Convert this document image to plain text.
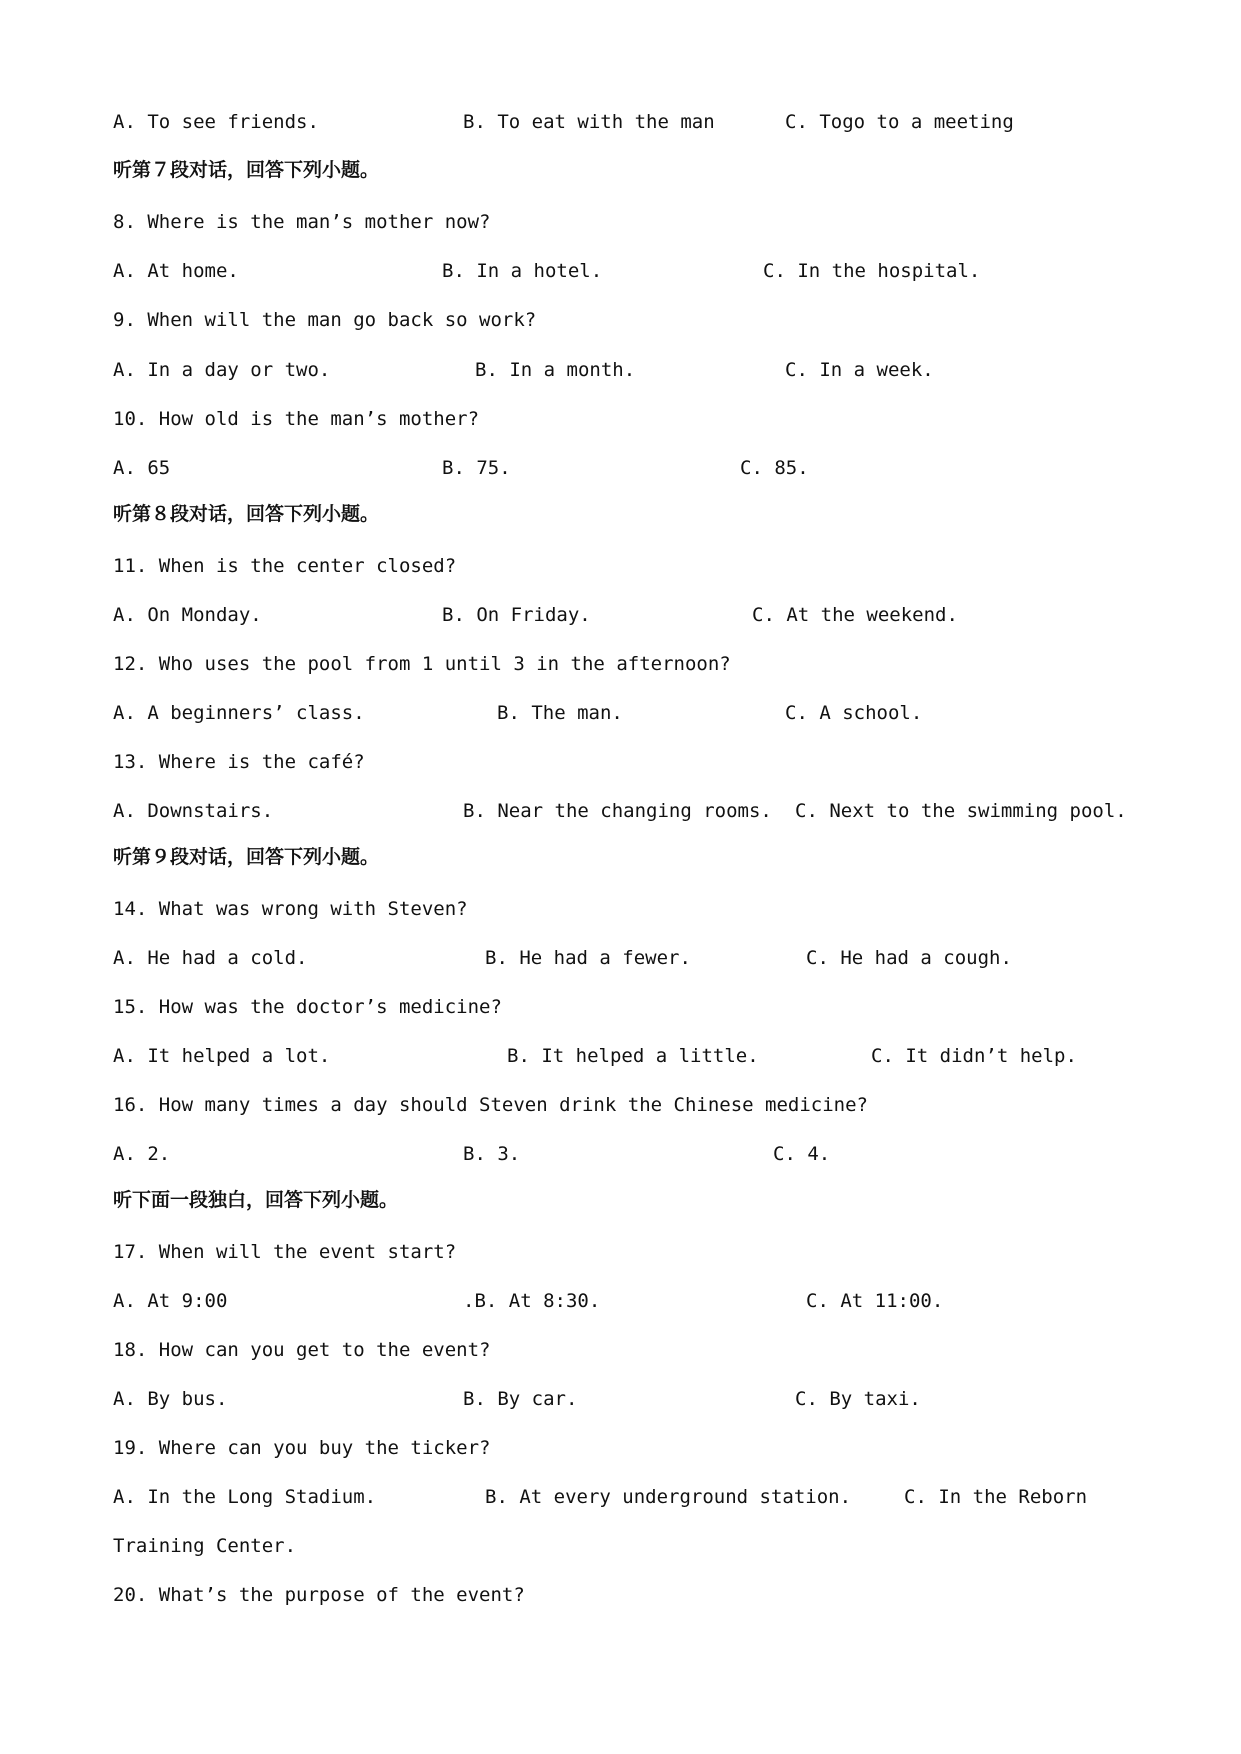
A. To see friends.	B. To eat with the man	C. Togo to a meeting
听第７段对话，回答下列小题。
8. Where is the man’s mother now?
A. At home.	B. In a hotel.	C. In the hospital.
9. When will the man go back so work?
A. In a day or two.	B. In a month.	C. In a week.
10. How old is the man’s mother?
A. 65	B. 75.	C. 85.
听第８段对话，回答下列小题。
11. When is the center closed?
A. On Monday.	B. On Friday.	C. At the weekend.
12. Who uses the pool from 1 until 3 in the afternoon?
A. A beginners’ class.	B. The man.	C. A school.
13. Where is the café?
A. Downstairs.	B. Near the changing rooms. C. Next to the swimming pool.
听第９段对话，回答下列小题。
14. What was wrong with Steven?
A. He had a cold.	B. He had a fewer.	C. He had a cough.
15. How was the doctor’s medicine?
A. It helped a lot.	B. It helped a little.	C. It didn’t help.
16. How many times a day should Steven drink the Chinese medicine?
A. 2.	B. 3.	C. 4.
听下面一段独白，回答下列小题。
17. When will the event start?
A. At 9:00	.B. At 8:30.	C. At 11:00.
18. How can you get to the event?
A. By bus.	B. By car.	C. By taxi.
19. Where can you buy the ticker?
A. In the Long Stadium.	B. At every underground station.	C. In the Reborn
Training Center.
20. What’s the purpose of the event?
